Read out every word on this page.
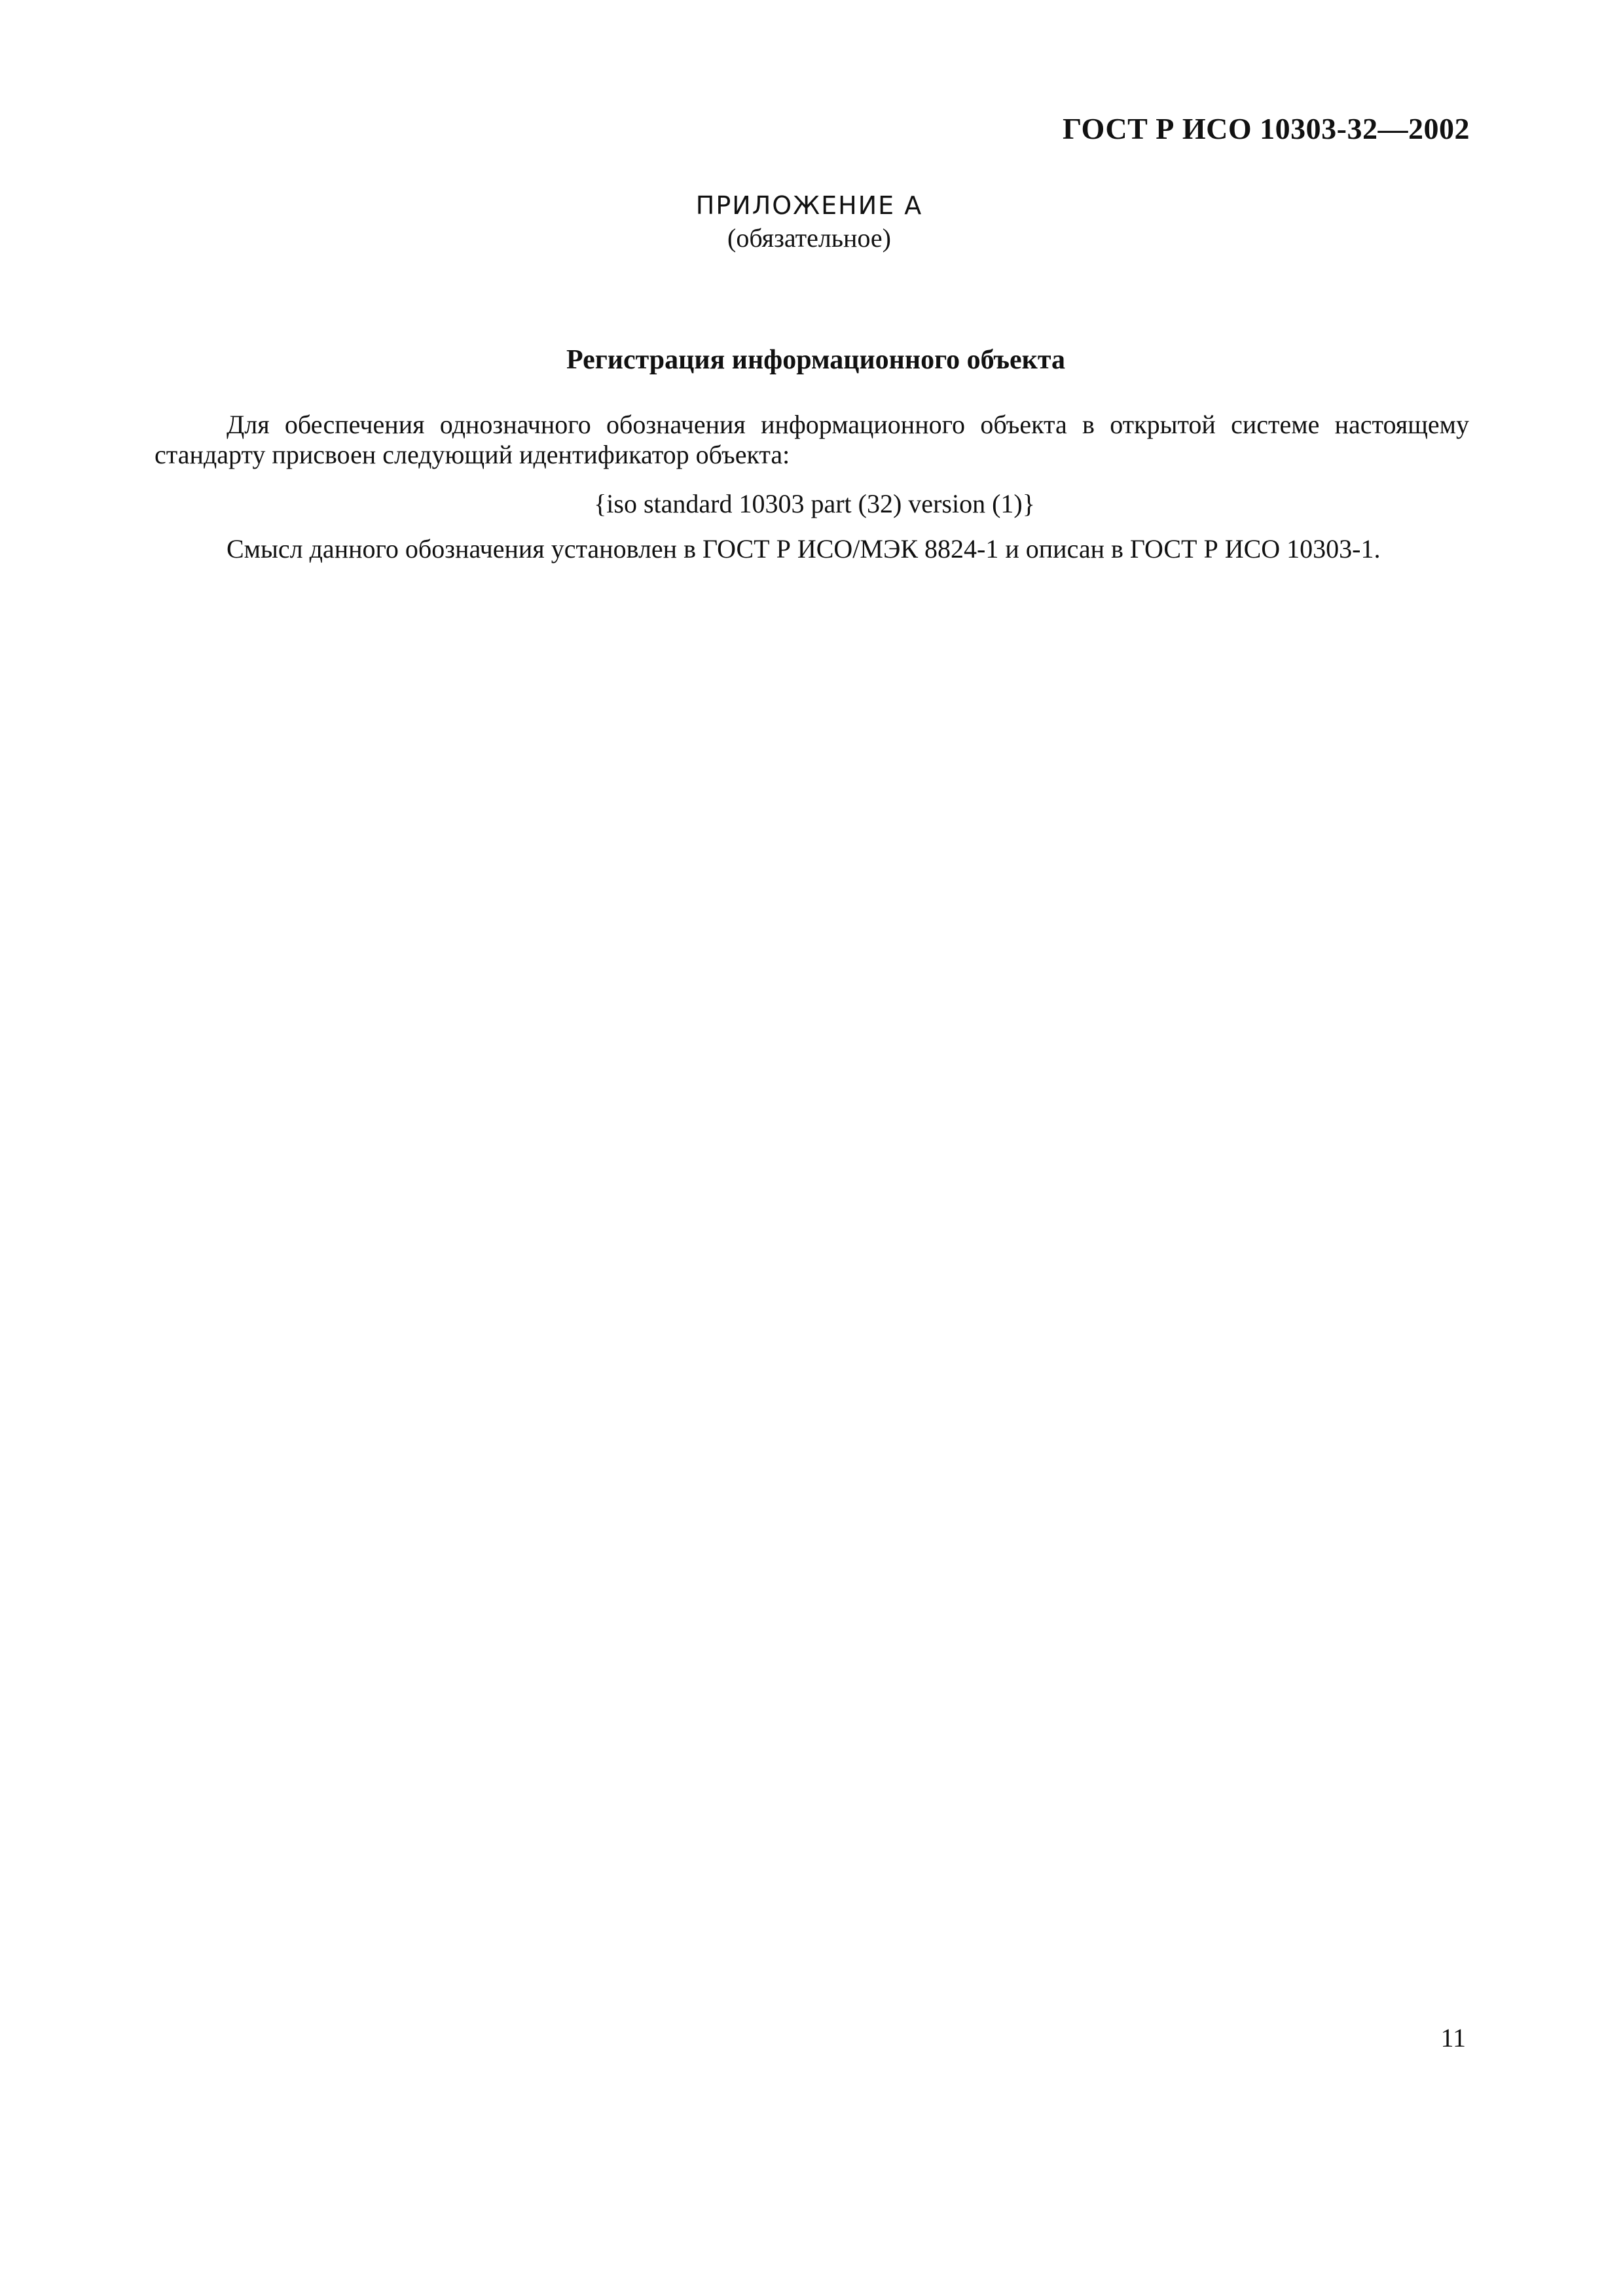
ГОСТ Р ИСО 10303-32—2002
ПРИЛОЖЕНИЕ А
(обязательное)
Регистрация информационного объекта
Для обеспечения однозначного обозначения информационного объекта в открытой системе настоящему стандарту присвоен следующий идентификатор объекта:
{iso standard 10303 part (32) version (1)}
Смысл данного обозначения установлен в ГОСТ Р ИСО/МЭК 8824-1 и описан в ГОСТ Р ИСО 10303-1.
11
